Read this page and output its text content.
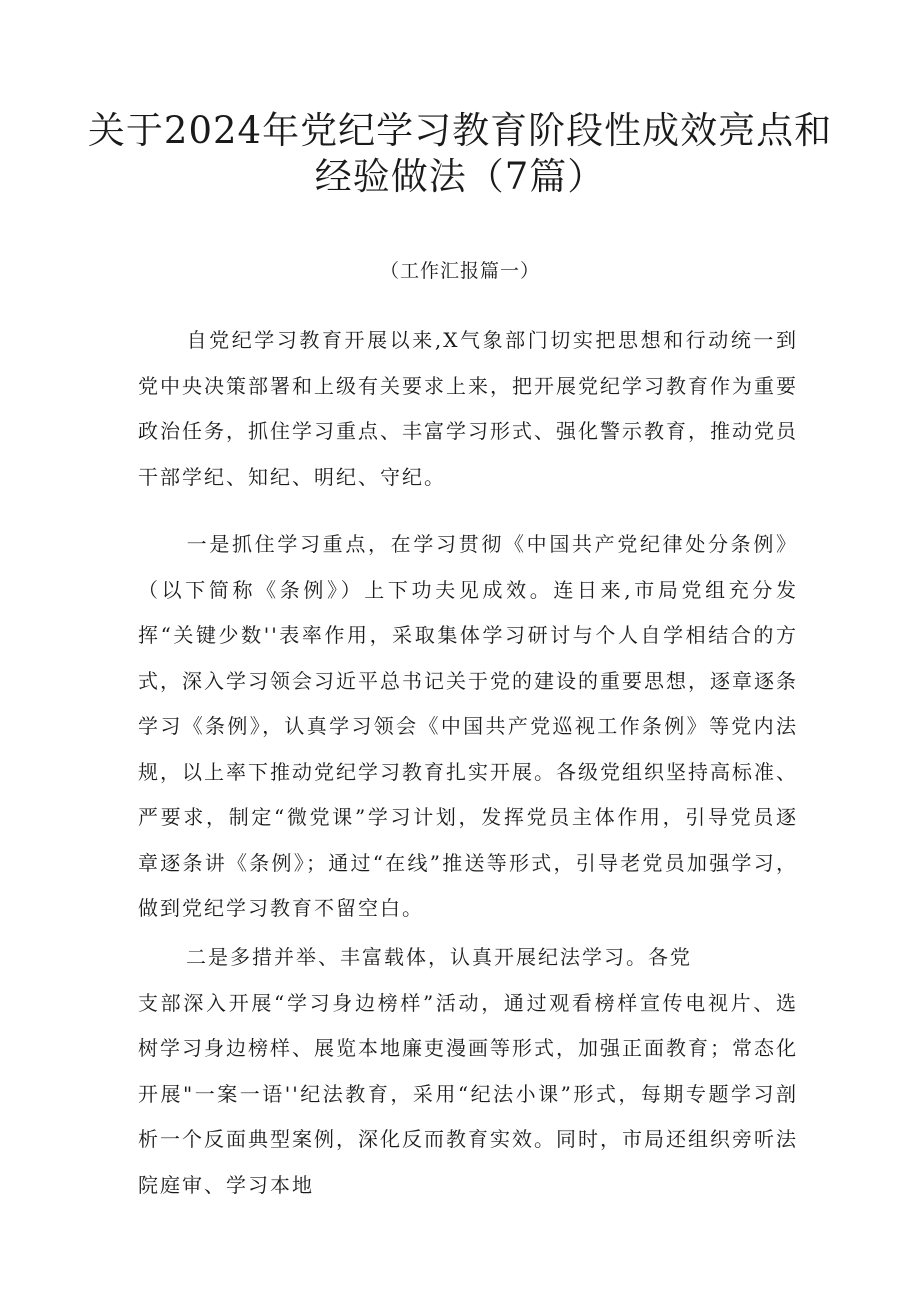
关于2024年党纪学习教育阶段性成效亮点和
经验做法（7篇）
（工作汇报篇一）

自党纪学习教育开展以来,X气象部门切实把思想和行动统一到党中央决策部署和上级有关要求上来，把开展党纪学习教育作为重要政治任务，抓住学习重点、丰富学习形式、强化警示教育，推动党员干部学纪、知纪、明纪、守纪。

一是抓住学习重点，在学习贯彻《中国共产党纪律处分条例》（以下简称《条例》）上下功夫见成效。连日来,市局党组充分发挥“关键少数''表率作用，采取集体学习研讨与个人自学相结合的方式，深入学习领会习近平总书记关于党的建设的重要思想，逐章逐条学习《条例》，认真学习领会《中国共产党巡视工作条例》等党内法规，以上率下推动党纪学习教育扎实开展。各级党组织坚持高标准、严要求，制定“微党课”学习计划，发挥党员主体作用，引导党员逐章逐条讲《条例》；通过“在线”推送等形式，引导老党员加强学习，做到党纪学习教育不留空白。

二是多措并举、丰富载体，认真开展纪法学习。各党
支部深入开展“学习身边榜样”活动，通过观看榜样宣传电视片、选树学习身边榜样、展览本地廉吏漫画等形式，加强正面教育；常态化开展"一案一语''纪法教育，采用“纪法小课”形式，每期专题学习剖析一个反面典型案例，深化反而教育实效。同时，市局还组织旁听法院庭审、学习本地
